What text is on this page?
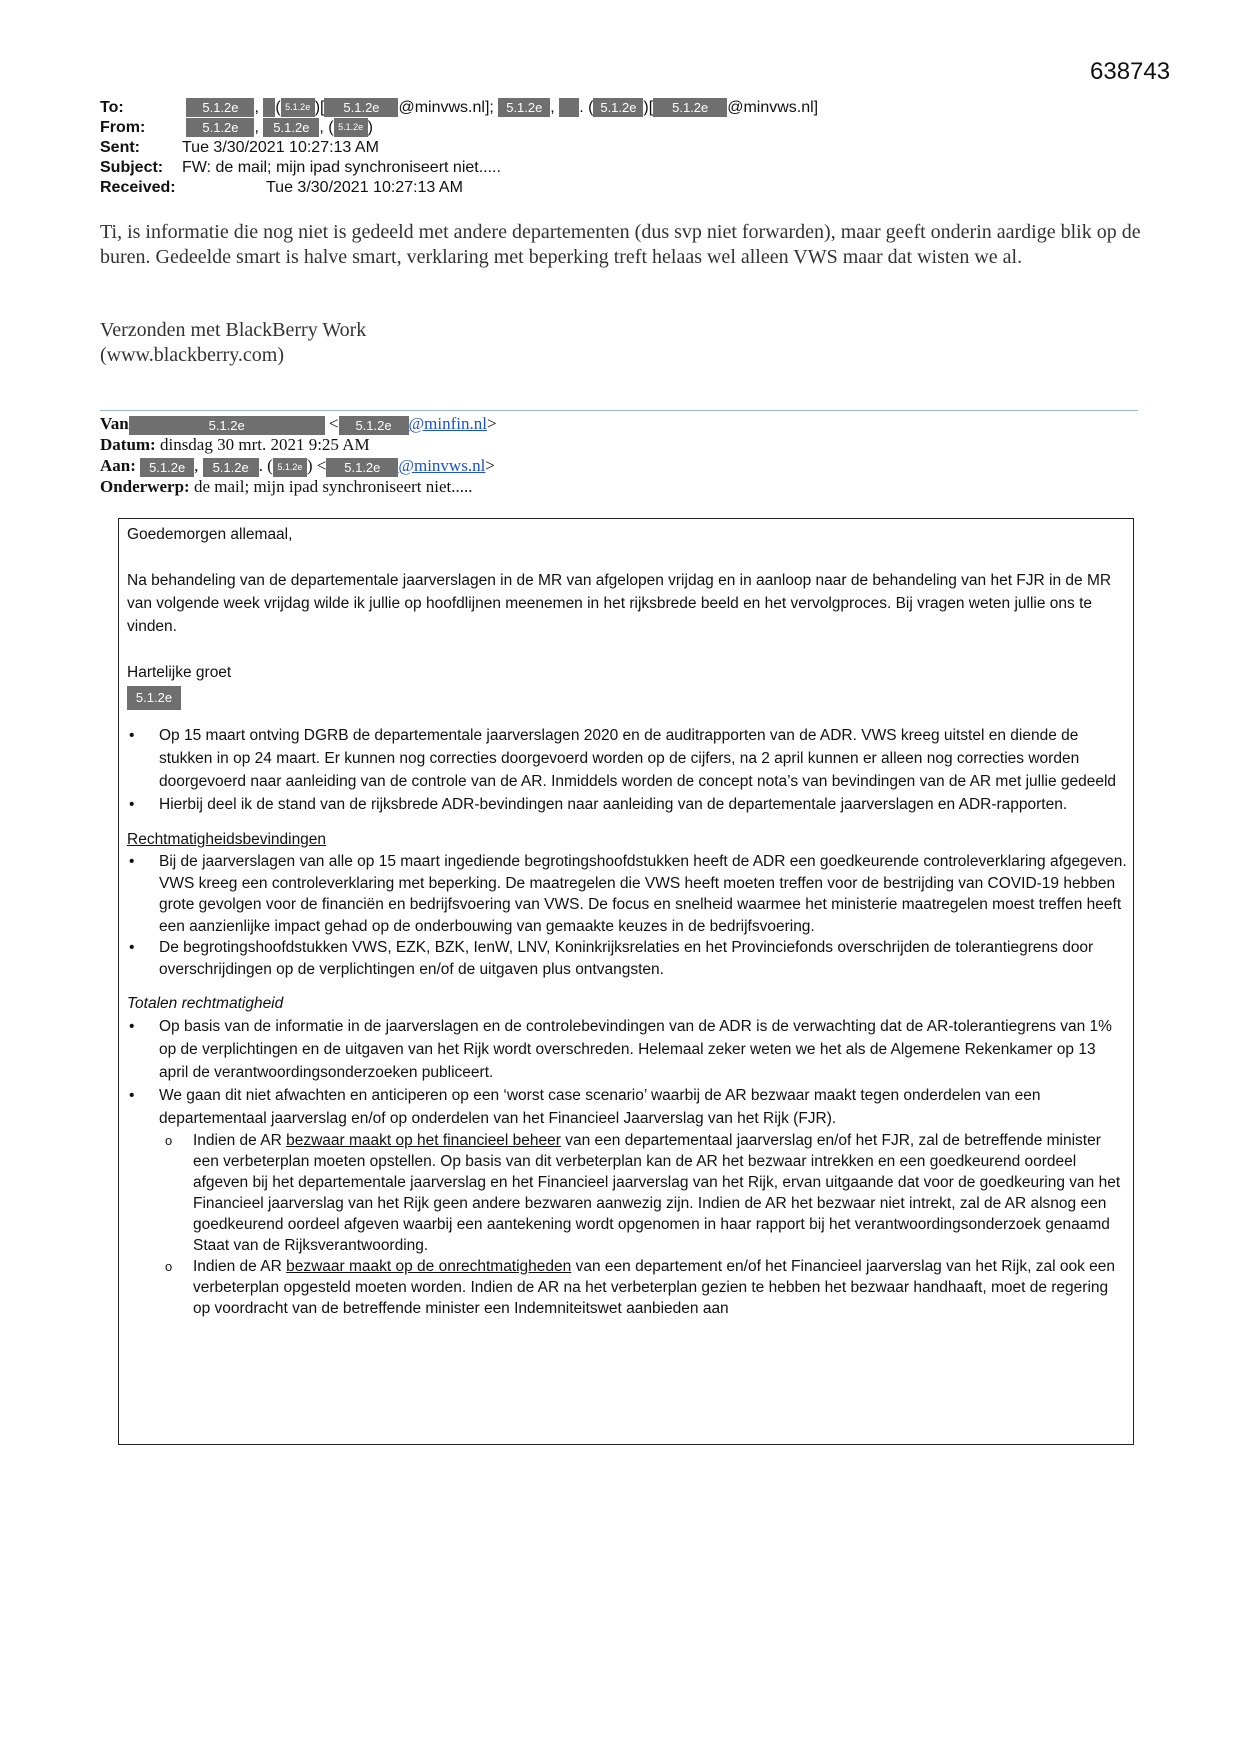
638743
To:	5.1.2e , ( 5.1.2e )[ 5.1.2e @minvws.nl]; 5.1.2e , . ( 5.1.2e )[ 5.1.2e @minvws.nl]
From:	5.1.2e , 5.1.2e , ( 5.1.2e )
Sent:	Tue 3/30/2021 10:27:13 AM
Subject: FW: de mail; mijn ipad synchroniseert niet.....
Received:	Tue 3/30/2021 10:27:13 AM
Ti, is informatie die nog niet is gedeeld met andere departementen (dus svp niet forwarden), maar geeft onderin aardige blik op de buren. Gedeelde smart is halve smart, verklaring met beperking treft helaas wel alleen VWS maar dat wisten we al.
Verzonden met BlackBerry Work
(www.blackberry.com)
Van	5.1.2e	< 5.1.2e @minfin.nl>
Datum: dinsdag 30 mrt. 2021 9:25 AM
Aan: 5.1.2e , 5.1.2e . ( 5.1.2e ) < 5.1.2e @minvws.nl>
Onderwerp: de mail; mijn ipad synchroniseert niet.....

Goedemorgen allemaal,

Na behandeling van de departementale jaarverslagen in de MR van afgelopen vrijdag en in aanloop naar de behandeling van het FJR in de MR van volgende week vrijdag wilde ik jullie op hoofdlijnen meenemen in het rijksbrede beeld en het vervolgproces. Bij vragen weten jullie ons te vinden.

Hartelijke groet

5.1.2e
• Op 15 maart ontving DGRB de departementale jaarverslagen 2020 en de auditrapporten van de ADR. VWS kreeg uitstel en diende de stukken in op 24 maart. Er kunnen nog correcties doorgevoerd worden op de cijfers, na 2 april kunnen er alleen nog correcties worden doorgevoerd naar aanleiding van de controle van de AR. Inmiddels worden de concept nota’s van bevindingen van de AR met jullie gedeeld
• Hierbij deel ik de stand van de rijksbrede ADR-bevindingen naar aanleiding van de departementale jaarverslagen en ADR-rapporten.

Rechtmatigheidsbevindingen

• Bij de jaarverslagen van alle op 15 maart ingediende begrotingshoofdstukken heeft de ADR een goedkeurende controleverklaring afgegeven. VWS kreeg een controleverklaring met beperking. De maatregelen die VWS heeft moeten treffen voor de bestrijding van COVID-19 hebben grote gevolgen voor de financiën en bedrijfsvoering van VWS. De focus en snelheid waarmee het ministerie maatregelen moest treffen heeft een aanzienlijke impact gehad op de onderbouwing van gemaakte keuzes in de bedrijfsvoering.
• De begrotingshoofdstukken VWS, EZK, BZK, IenW, LNV, Koninkrijksrelaties en het Provinciefonds overschrijden de tolerantiegrens door overschrijdingen op de verplichtingen en/of de uitgaven plus ontvangsten.

Totalen rechtmatigheid

• Op basis van de informatie in de jaarverslagen en de controlebevindingen van de ADR is de verwachting dat de AR-tolerantiegrens van 1% op de verplichtingen en de uitgaven van het Rijk wordt overschreden. Helemaal zeker weten we het als de Algemene Rekenkamer op 13 april de verantwoordingsonderzoeken publiceert.
• We gaan dit niet afwachten en anticiperen op een ‘worst case scenario’ waarbij de AR bezwaar maakt tegen onderdelen van een departementaal jaarverslag en/of op onderdelen van het Financieel Jaarverslag van het Rijk (FJR).
o Indien de AR bezwaar maakt op het financieel beheer van een departementaal jaarverslag en/of het FJR, zal de betreffende minister een verbeterplan moeten opstellen. Op basis van dit verbeterplan kan de AR het bezwaar intrekken en een goedkeurend oordeel afgeven bij het departementale jaarverslag en het Financieel jaarverslag van het Rijk, ervan uitgaande dat voor de goedkeuring van het Financieel jaarverslag van het Rijk geen andere bezwaren aanwezig zijn. Indien de AR het bezwaar niet intrekt, zal de AR alsnog een goedkeurend oordeel afgeven waarbij een aantekening wordt opgenomen in haar rapport bij het verantwoordingsonderzoek genaamd Staat van de Rijksverantwoording.
o Indien de AR bezwaar maakt op de onrechtmatigheden van een departement en/of het Financieel jaarverslag van het Rijk, zal ook een verbeterplan opgesteld moeten worden. Indien de AR na het verbeterplan gezien te hebben het bezwaar handhaaft, moet de regering op voordracht van de betreffende minister een Indemniteitswet aanbieden aan
